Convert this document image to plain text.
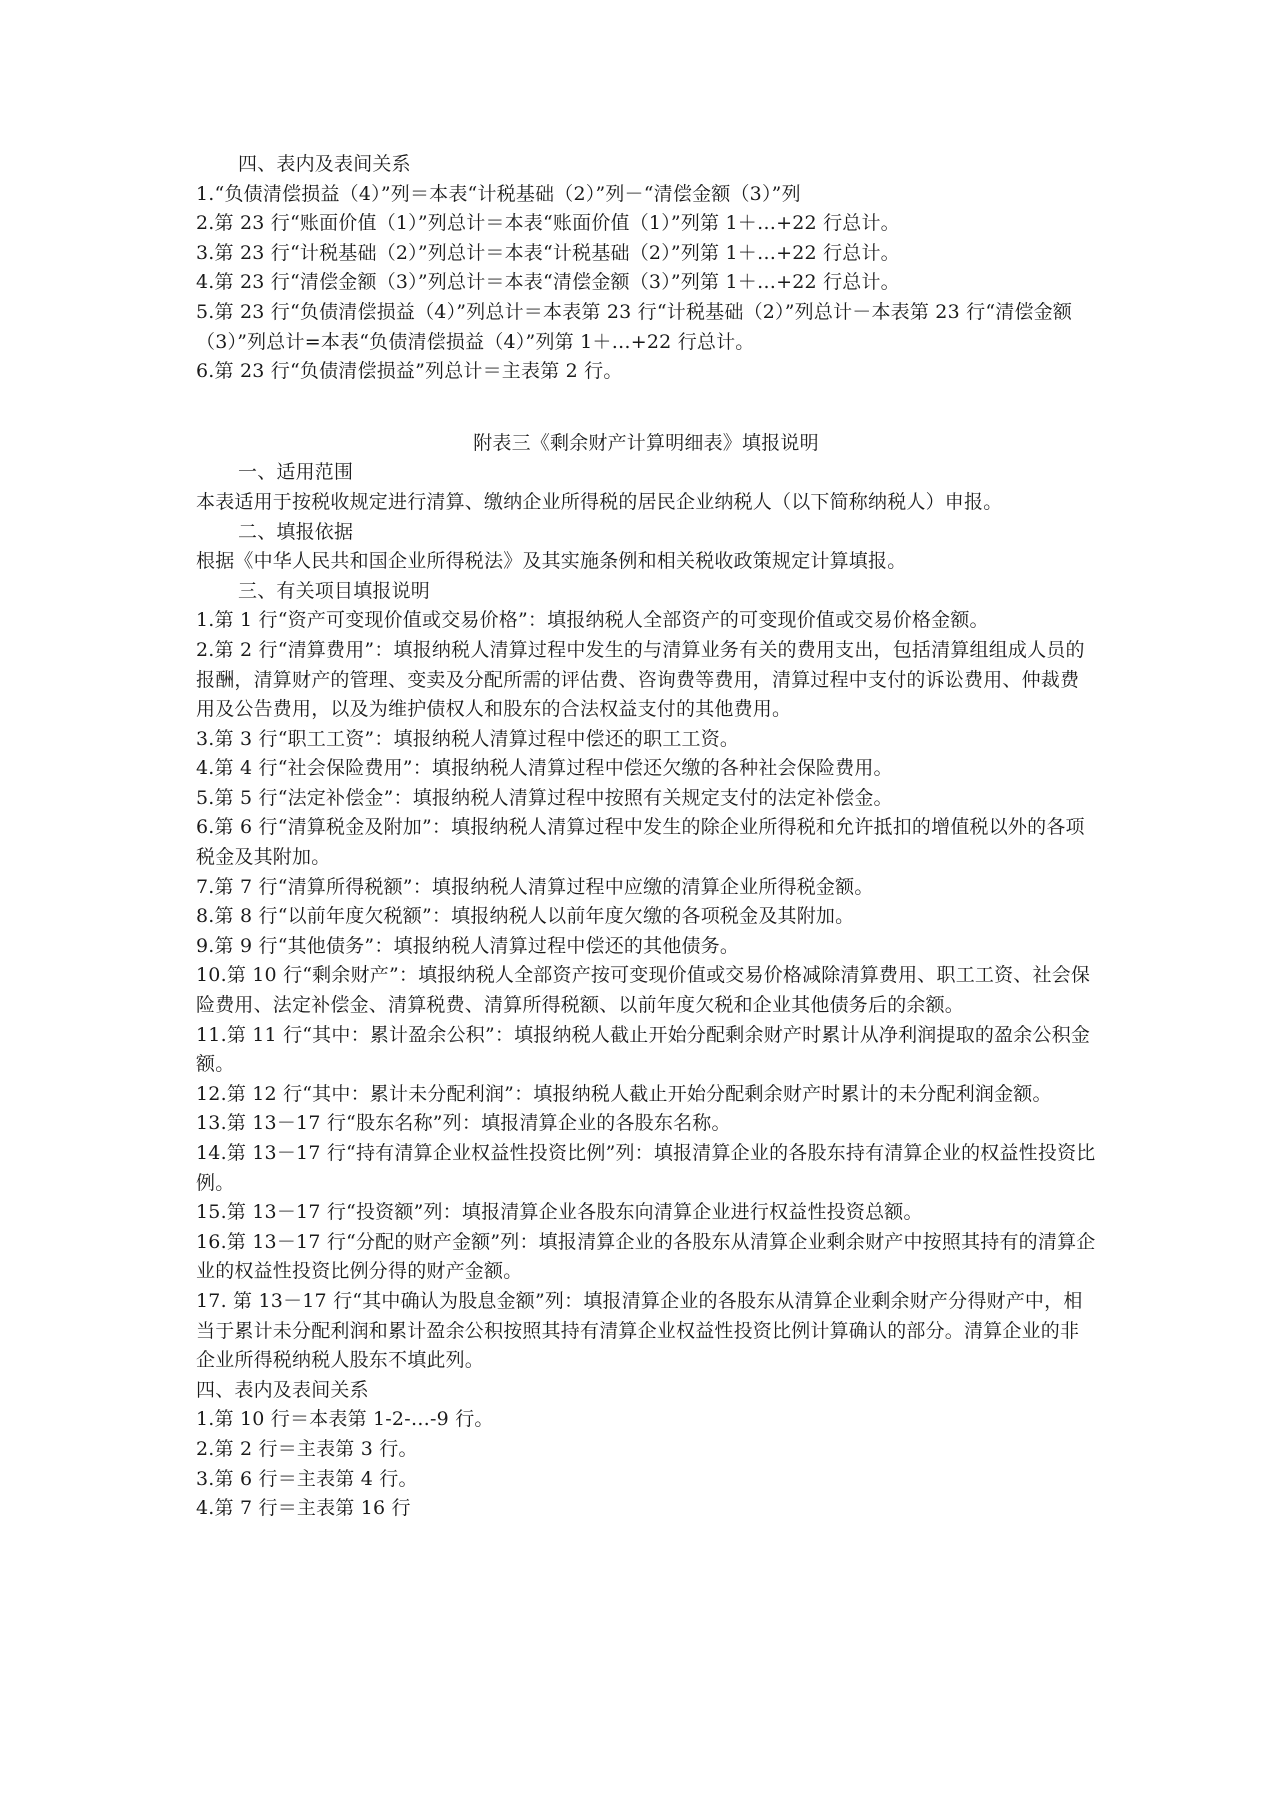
四、表内及表间关系

1.“负债清偿损益（4）”列＝本表“计税基础（2）”列－“清偿金额（3）”列

2.第 23 行“账面价值（1）”列总计＝本表“账面价值（1）”列第 1＋…+22 行总计。

3.第 23 行“计税基础（2）”列总计＝本表“计税基础（2）”列第 1＋…+22 行总计。

4.第 23 行“清偿金额（3）”列总计＝本表“清偿金额（3）”列第 1＋…+22 行总计。

5.第 23 行“负债清偿损益（4）”列总计＝本表第 23 行“计税基础（2）”列总计－本表第 23 行“清偿金额（3）”列总计=本表“负债清偿损益（4）”列第 1＋…+22 行总计。

6.第 23 行“负债清偿损益”列总计＝主表第 2 行。

附表三《剩余财产计算明细表》填报说明

一、适用范围

本表适用于按税收规定进行清算、缴纳企业所得税的居民企业纳税人（以下简称纳税人）申报。

二、填报依据

根据《中华人民共和国企业所得税法》及其实施条例和相关税收政策规定计算填报。

三、有关项目填报说明

1.第 1 行“资产可变现价值或交易价格”：填报纳税人全部资产的可变现价值或交易价格金额。

2.第 2 行“清算费用”：填报纳税人清算过程中发生的与清算业务有关的费用支出，包括清算组组成人员的报酬，清算财产的管理、变卖及分配所需的评估费、咨询费等费用，清算过程中支付的诉讼费用、仲裁费用及公告费用，以及为维护债权人和股东的合法权益支付的其他费用。

3.第 3 行“职工工资”：填报纳税人清算过程中偿还的职工工资。

4.第 4 行“社会保险费用”：填报纳税人清算过程中偿还欠缴的各种社会保险费用。

5.第 5 行“法定补偿金”：填报纳税人清算过程中按照有关规定支付的法定补偿金。

6.第 6 行“清算税金及附加”：填报纳税人清算过程中发生的除企业所得税和允许抵扣的增值税以外的各项税金及其附加。

7.第 7 行“清算所得税额”：填报纳税人清算过程中应缴的清算企业所得税金额。

8.第 8 行“以前年度欠税额”：填报纳税人以前年度欠缴的各项税金及其附加。

9.第 9 行“其他债务”：填报纳税人清算过程中偿还的其他债务。

10.第 10 行“剩余财产”：填报纳税人全部资产按可变现价值或交易价格减除清算费用、职工工资、社会保险费用、法定补偿金、清算税费、清算所得税额、以前年度欠税和企业其他债务后的余额。

11.第 11 行“其中：累计盈余公积”：填报纳税人截止开始分配剩余财产时累计从净利润提取的盈余公积金额。

12.第 12 行“其中：累计未分配利润”：填报纳税人截止开始分配剩余财产时累计的未分配利润金额。

13.第 13－17 行“股东名称”列：填报清算企业的各股东名称。

14.第 13－17 行“持有清算企业权益性投资比例”列：填报清算企业的各股东持有清算企业的权益性投资比例。

15.第 13－17 行“投资额”列：填报清算企业各股东向清算企业进行权益性投资总额。

16.第 13－17 行“分配的财产金额”列：填报清算企业的各股东从清算企业剩余财产中按照其持有的清算企业的权益性投资比例分得的财产金额。

17. 第 13－17 行“其中确认为股息金额”列：填报清算企业的各股东从清算企业剩余财产分得财产中，相当于累计未分配利润和累计盈余公积按照其持有清算企业权益性投资比例计算确认的部分。清算企业的非企业所得税纳税人股东不填此列。

四、表内及表间关系

1.第 10 行＝本表第 1-2-…-9 行。

2.第 2 行＝主表第 3 行。

3.第 6 行＝主表第 4 行。

4.第 7 行＝主表第 16 行
